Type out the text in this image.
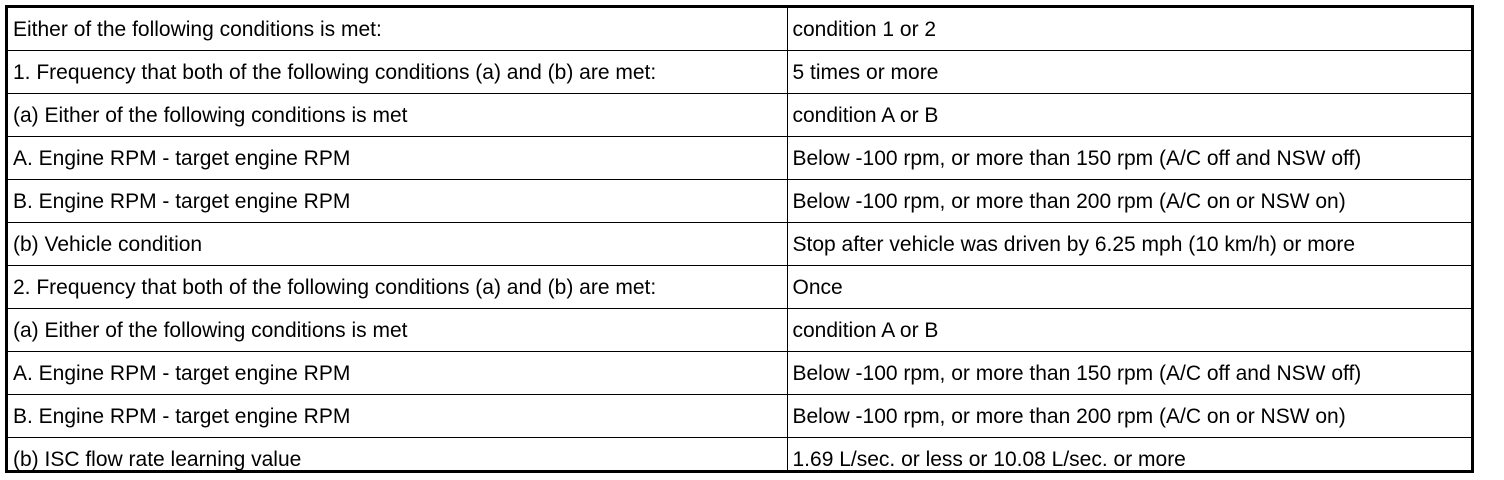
Either of the following conditions is met:	condition 1 or 2
1. Frequency that both of the following conditions (a) and (b) are met:	5 times or more
(a) Either of the following conditions is met	condition A or B
A. Engine RPM - target engine RPM	Below -100 rpm, or more than 150 rpm (A/C off and NSW off)
B. Engine RPM - target engine RPM	Below -100 rpm, or more than 200 rpm (A/C on or NSW on)
(b) Vehicle condition	Stop after vehicle was driven by 6.25 mph (10 km/h) or more
2. Frequency that both of the following conditions (a) and (b) are met:	Once
(a) Either of the following conditions is met	condition A or B
A. Engine RPM - target engine RPM	Below -100 rpm, or more than 150 rpm (A/C off and NSW off)
B. Engine RPM - target engine RPM	Below -100 rpm, or more than 200 rpm (A/C on or NSW on)
(b) ISC flow rate learning value	1.69 L/sec. or less or 10.08 L/sec. or more
